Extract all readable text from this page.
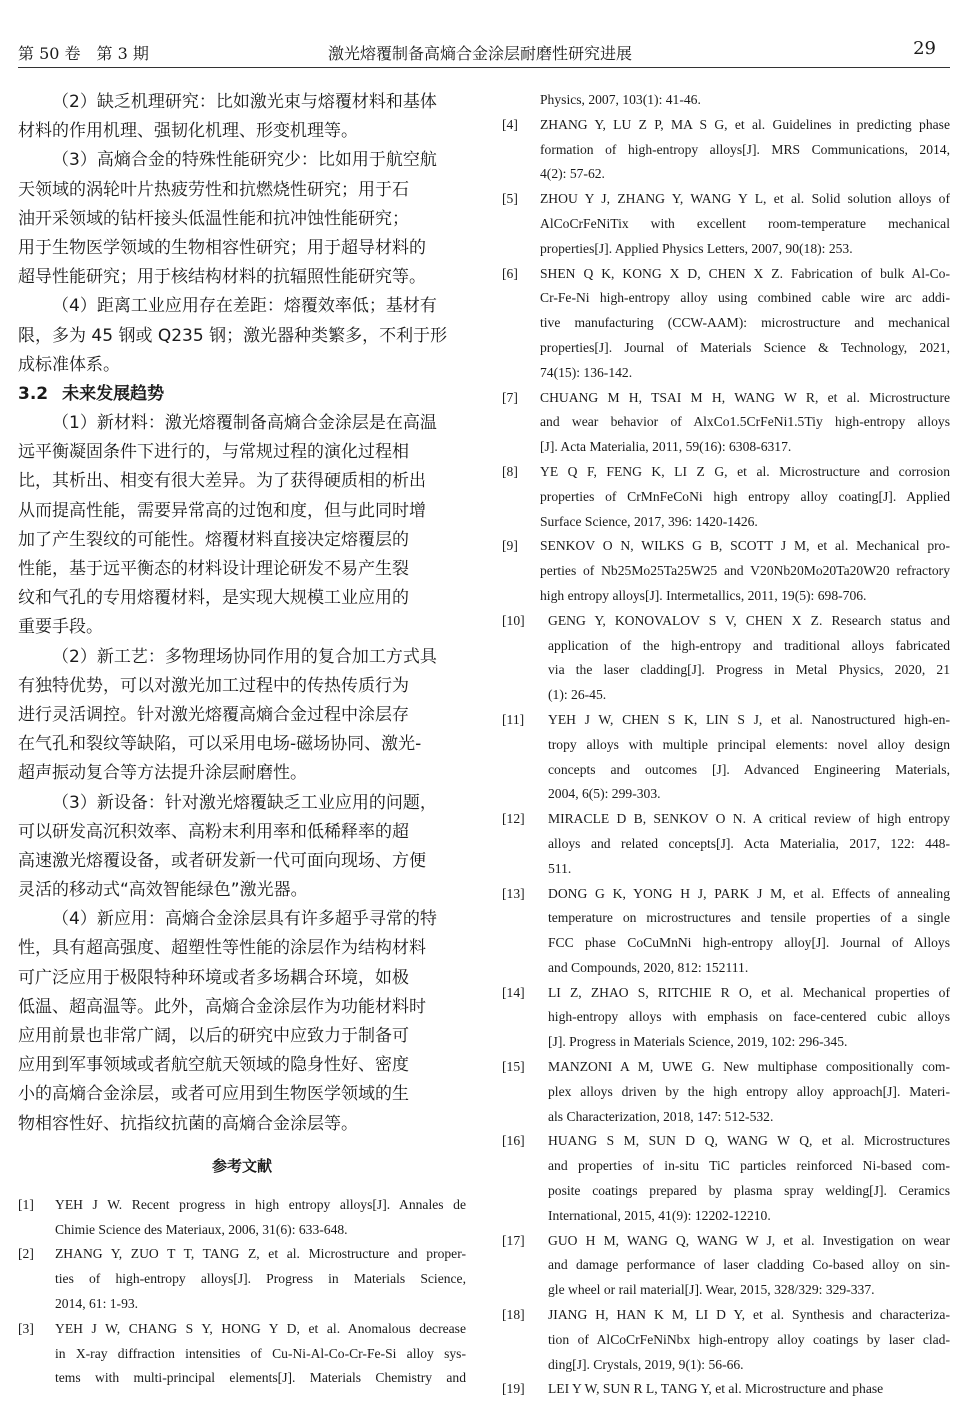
第 50 卷　第 3 期	激光熔覆制备高熵合金涂层耐磨性研究进展	29
（2）缺乏机理研究：比如激光束与熔覆材料和基体
材料的作用机理、强韧化机理、形变机理等。
（3）高熵合金的特殊性能研究少：比如用于航空航
天领域的涡轮叶片热疲劳性和抗燃烧性研究；用于石
油开采领域的钻杆接头低温性能和抗冲蚀性能研究；
用于生物医学领域的生物相容性研究；用于超导材料的
超导性能研究；用于核结构材料的抗辐照性能研究等。
（4）距离工业应用存在差距：熔覆效率低；基材有
限，多为 45 钢或 Q235 钢；激光器种类繁多，不利于形
成标准体系。
3.2 未来发展趋势
（1）新材料：激光熔覆制备高熵合金涂层是在高温
远平衡凝固条件下进行的，与常规过程的演化过程相
比，其析出、相变有很大差异。为了获得硬质相的析出
从而提高性能，需要异常高的过饱和度，但与此同时增
加了产生裂纹的可能性。熔覆材料直接决定熔覆层的
性能，基于远平衡态的材料设计理论研发不易产生裂
纹和气孔的专用熔覆材料，是实现大规模工业应用的
重要手段。
（2）新工艺：多物理场协同作用的复合加工方式具
有独特优势，可以对激光加工过程中的传热传质行为
进行灵活调控。针对激光熔覆高熵合金过程中涂层存
在气孔和裂纹等缺陷，可以采用电场-磁场协同、激光-
超声振动复合等方法提升涂层耐磨性。
（3）新设备：针对激光熔覆缺乏工业应用的问题，
可以研发高沉积效率、高粉末利用率和低稀释率的超
高速激光熔覆设备，或者研发新一代可面向现场、方便
灵活的移动式“高效智能绿色”激光器。
（4）新应用：高熵合金涂层具有许多超乎寻常的特
性，具有超高强度、超塑性等性能的涂层作为结构材料
可广泛应用于极限特种环境或者多场耦合环境，如极
低温、超高温等。此外，高熵合金涂层作为功能材料时
应用前景也非常广阔，以后的研究中应致力于制备可
应用到军事领域或者航空航天领域的隐身性好、密度
小的高熵合金涂层，或者可应用到生物医学领域的生
物相容性好、抗指纹抗菌的高熵合金涂层等。
参考文献
[1] YEH J W. Recent progress in high entropy alloys[J]. Annales de
Chimie Science des Materiaux, 2006, 31(6): 633-648.
[2] ZHANG Y, ZUO T T, TANG Z, et al. Microstructure and proper-
ties of high-entropy alloys[J]. Progress in Materials Science,
2014, 61: 1-93.
[3] YEH J W, CHANG S Y, HONG Y D, et al. Anomalous decrease
in X-ray diffraction intensities of Cu-Ni-Al-Co-Cr-Fe-Si alloy sys-
tems with multi-principal elements[J]. Materials Chemistry and
Physics, 2007, 103(1): 41-46.
[4] ZHANG Y, LU Z P, MA S G, et al. Guidelines in predicting phase
formation of high-entropy alloys[J]. MRS Communications, 2014,
4(2): 57-62.
[5] ZHOU Y J, ZHANG Y, WANG Y L, et al. Solid solution alloys of
AlCoCrFeNiTix with excellent room-temperature mechanical
properties[J]. Applied Physics Letters, 2007, 90(18): 253.
[6] SHEN Q K, KONG X D, CHEN X Z. Fabrication of bulk Al-Co-
Cr-Fe-Ni high-entropy alloy using combined cable wire arc addi-
tive manufacturing (CCW-AAM): microstructure and mechanical
properties[J]. Journal of Materials Science & Technology, 2021,
74(15): 136-142.
[7] CHUANG M H, TSAI M H, WANG W R, et al. Microstructure
and wear behavior of AlxCo1.5CrFeNi1.5Tiy high-entropy alloys
[J]. Acta Materialia, 2011, 59(16): 6308-6317.
[8] YE Q F, FENG K, LI Z G, et al. Microstructure and corrosion
properties of CrMnFeCoNi high entropy alloy coating[J]. Applied
Surface Science, 2017, 396: 1420-1426.
[9] SENKOV O N, WILKS G B, SCOTT J M, et al. Mechanical pro-
perties of Nb25Mo25Ta25W25 and V20Nb20Mo20Ta20W20 refractory
high entropy alloys[J]. Intermetallics, 2011, 19(5): 698-706.
[10] GENG Y, KONOVALOV S V, CHEN X Z. Research status and
application of the high-entropy and traditional alloys fabricated
via the laser cladding[J]. Progress in Metal Physics, 2020, 21
(1): 26-45.
[11] YEH J W, CHEN S K, LIN S J, et al. Nanostructured high-en-
tropy alloys with multiple principal elements: novel alloy design
concepts and outcomes [J]. Advanced Engineering Materials,
2004, 6(5): 299-303.
[12] MIRACLE D B, SENKOV O N. A critical review of high entropy
alloys and related concepts[J]. Acta Materialia, 2017, 122: 448-
511.
[13] DONG G K, YONG H J, PARK J M, et al. Effects of annealing
temperature on microstructures and tensile properties of a single
FCC phase CoCuMnNi high-entropy alloy[J]. Journal of Alloys
and Compounds, 2020, 812: 152111.
[14] LI Z, ZHAO S, RITCHIE R O, et al. Mechanical properties of
high-entropy alloys with emphasis on face-centered cubic alloys
[J]. Progress in Materials Science, 2019, 102: 296-345.
[15] MANZONI A M, UWE G. New multiphase compositionally com-
plex alloys driven by the high entropy alloy approach[J]. Materi-
als Characterization, 2018, 147: 512-532.
[16] HUANG S M, SUN D Q, WANG W Q, et al. Microstructures
and properties of in-situ TiC particles reinforced Ni-based com-
posite coatings prepared by plasma spray welding[J]. Ceramics
International, 2015, 41(9): 12202-12210.
[17] GUO H M, WANG Q, WANG W J, et al. Investigation on wear
and damage performance of laser cladding Co-based alloy on sin-
gle wheel or rail material[J]. Wear, 2015, 328/329: 329-337.
[18] JIANG H, HAN K M, LI D Y, et al. Synthesis and characteriza-
tion of AlCoCrFeNiNbx high-entropy alloy coatings by laser clad-
ding[J]. Crystals, 2019, 9(1): 56-66.
[19] LEI Y W, SUN R L, TANG Y, et al. Microstructure and phase
